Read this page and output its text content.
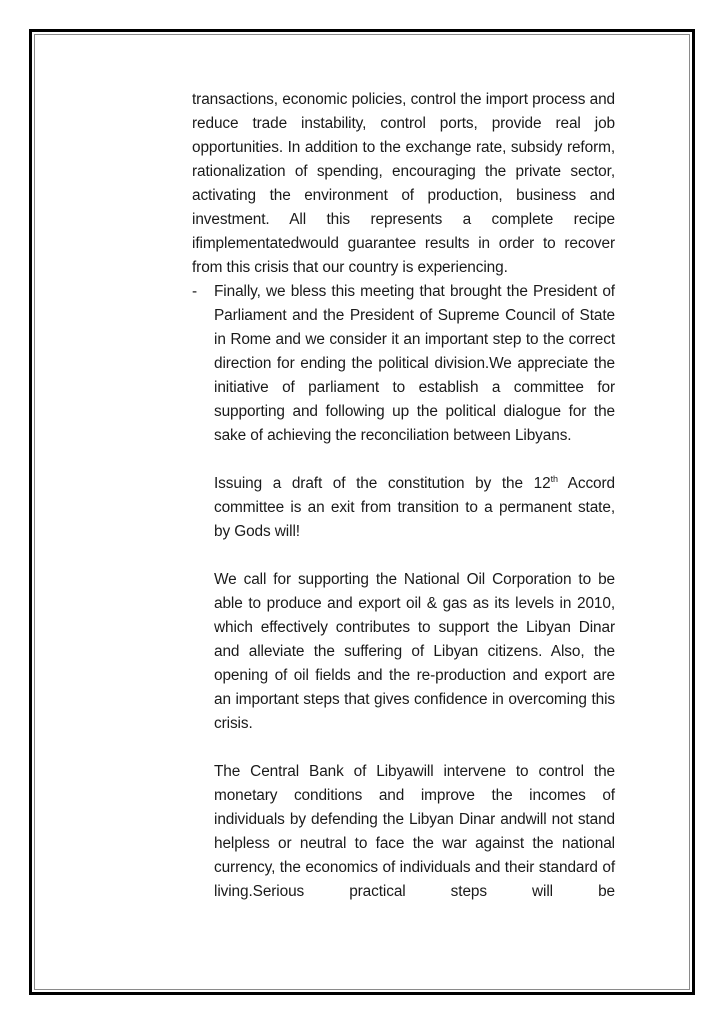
transactions, economic policies, control the import process and reduce trade instability, control ports, provide real job opportunities. In addition to the exchange rate, subsidy reform, rationalization of spending, encouraging the private sector, activating the environment of production, business and investment. All this represents a complete recipe ifimplementatedwould guarantee results in order to recover from this crisis that our country is experiencing.

- Finally, we bless this meeting that brought the President of Parliament and the President of Supreme Council of State in Rome and we consider it an important step to the correct direction for ending the political division.We appreciate the initiative of parliament to establish a committee for supporting and following up the political dialogue for the sake of achieving the reconciliation between Libyans.

Issuing a draft of the constitution by the 12th Accord committee is an exit from transition to a permanent state, by Gods will!

We call for supporting the National Oil Corporation to be able to produce and export oil & gas as its levels in 2010, which effectively contributes to support the Libyan Dinar and alleviate the suffering of Libyan citizens. Also, the opening of oil fields and the re-production and export are an important steps that gives confidence in overcoming this crisis.

The Central Bank of Libyawill intervene to control the monetary conditions and improve the incomes of individuals by defending the Libyan Dinar andwill not stand helpless or neutral to face the war against the national currency, the economics of individuals and their standard of living.Serious practical steps will be
